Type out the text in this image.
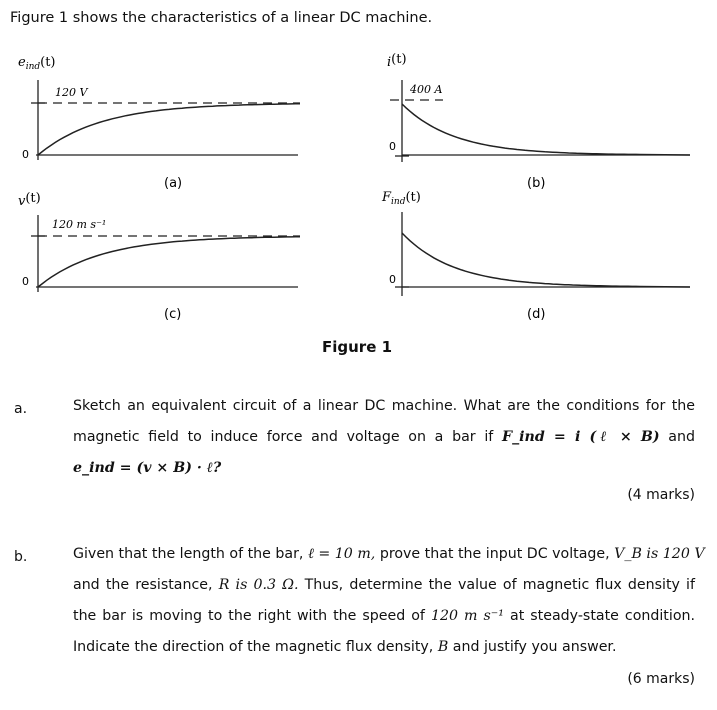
Figure 1 shows the characteristics of a linear DC machine.
$e_{ind}(t)$
120 V
0
(a)
i(t)
400 A
0
(b)
v(t)
120 m s⁻¹
0
(c)
$F_{ind}(t)$
0
(d)
Figure 1
a.	Sketch an equivalent circuit of a linear DC machine. What are the conditions for the
magnetic field to induce force and voltage on a bar if F_ind = i (ℓ × B) and
e_ind = (v × B) · ℓ?
(4 marks)
b.	Given that the length of the bar, ℓ = 10 m, prove that the input DC voltage, V_B is 120 V
and the resistance, R is 0.3 Ω. Thus, determine the value of magnetic flux density if
the bar is moving to the right with the speed of 120 m s⁻¹ at steady-state condition.
Indicate the direction of the magnetic flux density, B and justify you answer.
(6 marks)
